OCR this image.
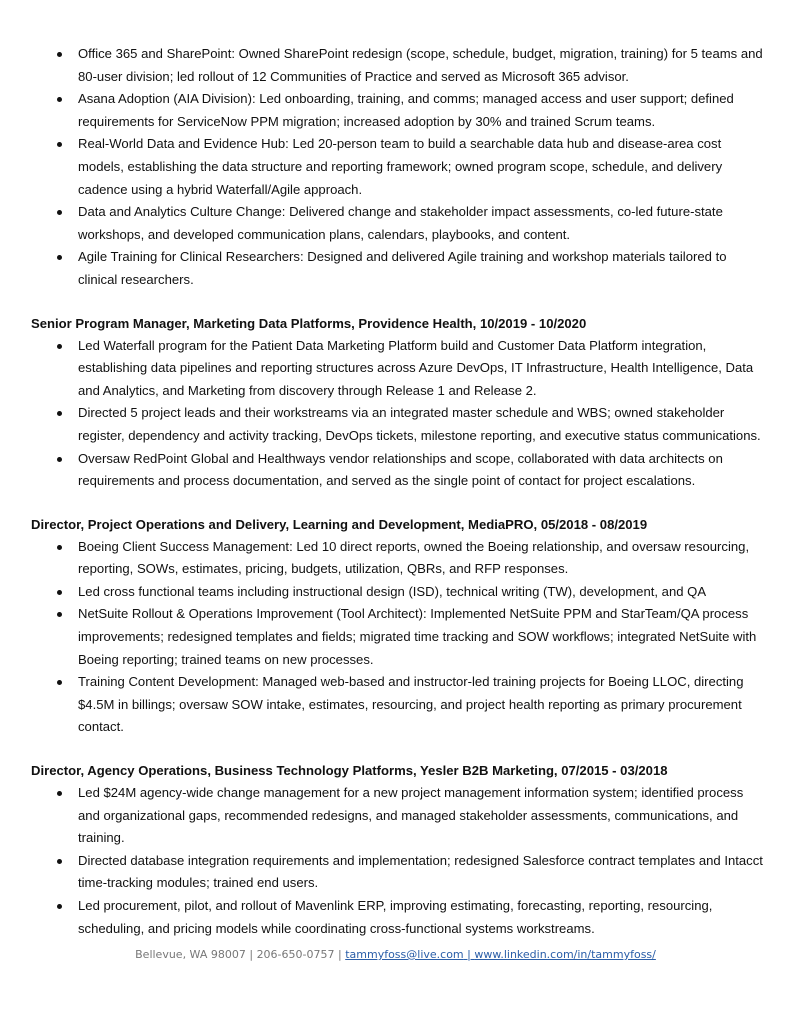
Office 365 and SharePoint: Owned SharePoint redesign (scope, schedule, budget, migration, training) for 5 teams and 80-user division; led rollout of 12 Communities of Practice and served as Microsoft 365 advisor.
Asana Adoption (AIA Division): Led onboarding, training, and comms; managed access and user support; defined requirements for ServiceNow PPM migration; increased adoption by 30% and trained Scrum teams.
Real-World Data and Evidence Hub: Led 20-person team to build a searchable data hub and disease-area cost models, establishing the data structure and reporting framework; owned program scope, schedule, and delivery cadence using a hybrid Waterfall/Agile approach.
Data and Analytics Culture Change: Delivered change and stakeholder impact assessments, co-led future-state workshops, and developed communication plans, calendars, playbooks, and content.
Agile Training for Clinical Researchers: Designed and delivered Agile training and workshop materials tailored to clinical researchers.
Senior Program Manager, Marketing Data Platforms, Providence Health, 10/2019 - 10/2020
Led Waterfall program for the Patient Data Marketing Platform build and Customer Data Platform integration, establishing data pipelines and reporting structures across Azure DevOps, IT Infrastructure, Health Intelligence, Data and Analytics, and Marketing from discovery through Release 1 and Release 2.
Directed 5 project leads and their workstreams via an integrated master schedule and WBS; owned stakeholder register, dependency and activity tracking, DevOps tickets, milestone reporting, and executive status communications.
Oversaw RedPoint Global and Healthways vendor relationships and scope, collaborated with data architects on requirements and process documentation, and served as the single point of contact for project escalations.
Director, Project Operations and Delivery, Learning and Development, MediaPRO, 05/2018 - 08/2019
Boeing Client Success Management: Led 10 direct reports, owned the Boeing relationship, and oversaw resourcing, reporting, SOWs, estimates, pricing, budgets, utilization, QBRs, and RFP responses.
Led cross functional teams including instructional design (ISD), technical writing (TW), development, and QA
NetSuite Rollout & Operations Improvement (Tool Architect): Implemented NetSuite PPM and StarTeam/QA process improvements; redesigned templates and fields; migrated time tracking and SOW workflows; integrated NetSuite with Boeing reporting; trained teams on new processes.
Training Content Development: Managed web-based and instructor-led training projects for Boeing LLOC, directing $4.5M in billings; oversaw SOW intake, estimates, resourcing, and project health reporting as primary procurement contact.
Director, Agency Operations, Business Technology Platforms, Yesler B2B Marketing, 07/2015 - 03/2018
Led $24M agency-wide change management for a new project management information system; identified process and organizational gaps, recommended redesigns, and managed stakeholder assessments, communications, and training.
Directed database integration requirements and implementation; redesigned Salesforce contract templates and Intacct time-tracking modules; trained end users.
Led procurement, pilot, and rollout of Mavenlink ERP, improving estimating, forecasting, reporting, resourcing, scheduling, and pricing models while coordinating cross-functional systems workstreams.
Bellevue, WA 98007 | 206-650-0757 | tammyfoss@live.com | www.linkedin.com/in/tammyfoss/
